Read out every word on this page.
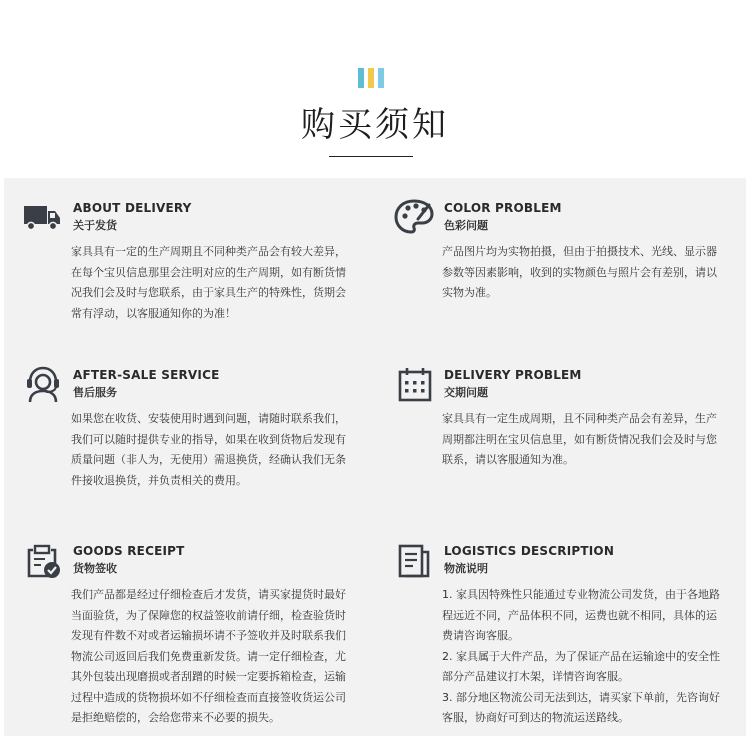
购买须知
ABOUT DELIVERY
关于发货

家具具有一定的生产周期且不同种类产品会有较大差异，

在每个宝贝信息那里会注明对应的生产周期，如有断货情

况我们会及时与您联系，由于家具生产的特殊性，货期会

常有浮动，以客服通知你的为准！

COLOR PROBLEM
色彩问题

产品图片均为实物拍摄，但由于拍摄技术、光线、显示器

参数等因素影响，收到的实物颜色与照片会有差别，请以

实物为准。

AFTER-SALE SERVICE
售后服务

如果您在收货、安装使用时遇到问题，请随时联系我们，

我们可以随时提供专业的指导，如果在收到货物后发现有

质量问题（非人为，无使用）需退换货，经确认我们无条

件接收退换货，并负责相关的费用。

DELIVERY PROBLEM
交期问题

家具具有一定生成周期，且不同种类产品会有差异，生产

周期都注明在宝贝信息里，如有断货情况我们会及时与您

联系，请以客服通知为准。

GOODS RECEIPT
货物签收

我们产品都是经过仔细检查后才发货，请买家提货时最好

当面验货，为了保障您的权益签收前请仔细，检查验货时

发现有件数不对或者运输损坏请不予签收并及时联系我们

物流公司返回后我们免费重新发货。请一定仔细检查，尤

其外包装出现磨损或者刮蹭的时候一定要拆箱检查，运输

过程中造成的货物损坏如不仔细检查而直接签收货运公司

是拒绝赔偿的，会给您带来不必要的损失。

LOGISTICS DESCRIPTION
物流说明

1. 家具因特殊性只能通过专业物流公司发货，由于各地路

程远近不同，产品体积不同，运费也就不相同，具体的运

费请咨询客服。

2. 家具属于大件产品，为了保证产品在运输途中的安全性

部分产品建议打木架，详情咨询客服。

3. 部分地区物流公司无法到达，请买家下单前，先咨询好

客服，协商好可到达的物流运送路线。
